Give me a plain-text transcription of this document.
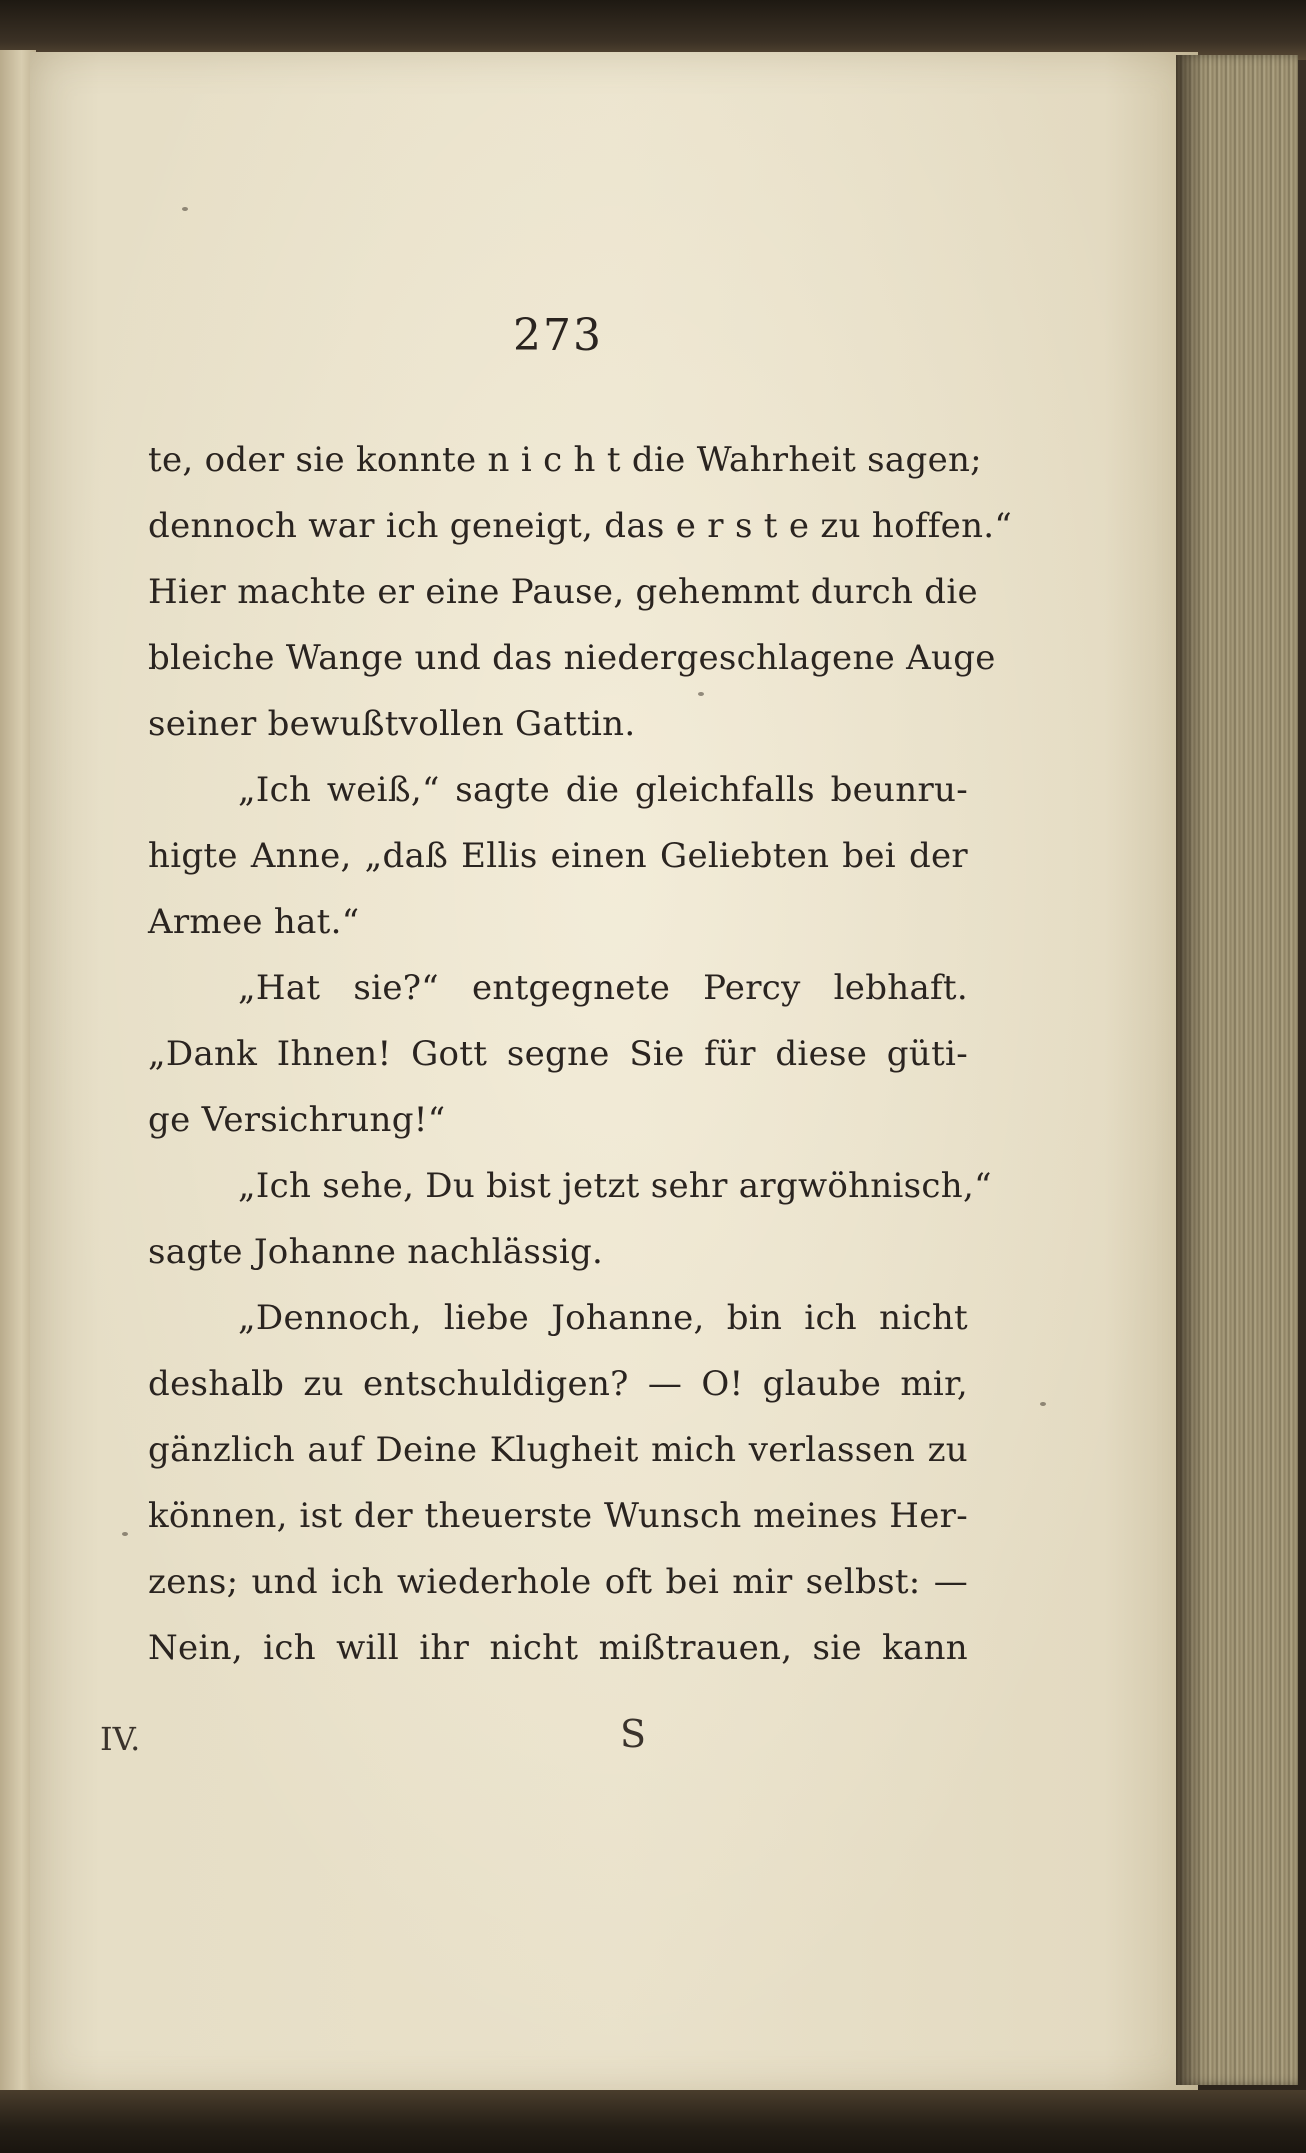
273
te, oder sie konnte n i c h t die Wahrheit sagen;
dennoch war ich geneigt, das e r s t e zu hoffen.“
Hier machte er eine Pause, gehemmt durch die
bleiche Wange und das niedergeschlagene Auge
seiner bewußtvollen Gattin.
„Ich weiß,“ sagte die gleichfalls beunru-
higte Anne, „daß Ellis einen Geliebten bei der
Armee hat.“
„Hat sie?“ entgegnete Percy lebhaft.
„Dank Ihnen! Gott segne Sie für diese güti-
ge Versichrung!“
„Ich sehe, Du bist jetzt sehr argwöhnisch,“
sagte Johanne nachlässig.
„Dennoch, liebe Johanne, bin ich nicht
deshalb zu entschuldigen? — O! glaube mir,
gänzlich auf Deine Klugheit mich verlassen zu
können, ist der theuerste Wunsch meines Her-
zens; und ich wiederhole oft bei mir selbst: —
Nein, ich will ihr nicht mißtrauen, sie kann
IV.	S
